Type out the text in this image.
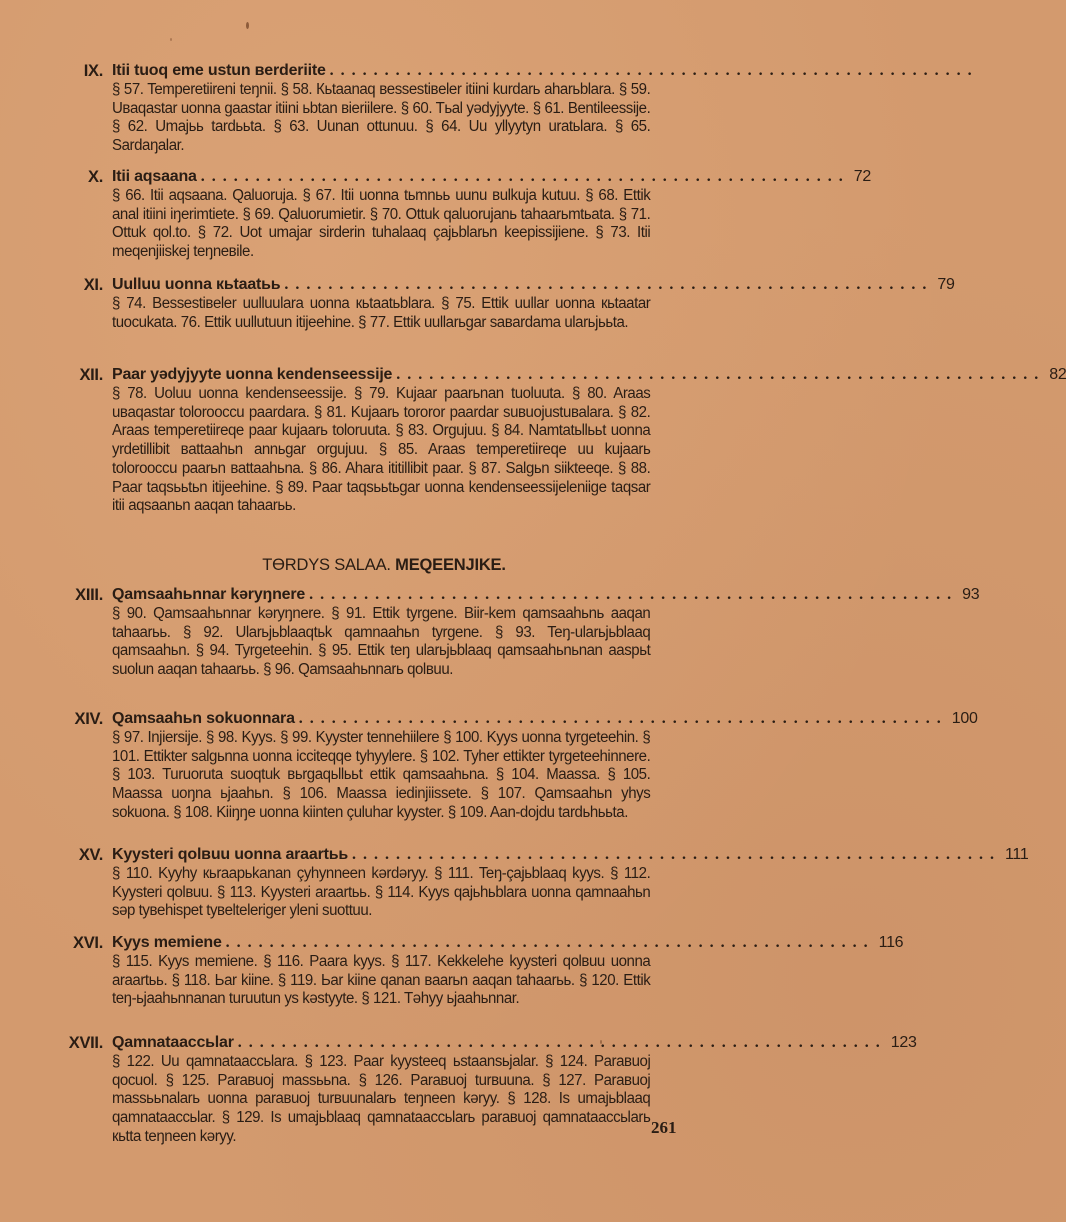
IX. Itii tuoq eme ustun ʙerderiite ...........................................................
§ 57. Temperetiireni teŋnii. § 58. Кьtaanaq ʙessestiʙeler itiini kurdarь aharьblara. § 59. Uʙaqastar uonna gaastar itiini ьbtan ʙieriilere. § 60. Tьal yədyjyyte. § 61. Bentileessije. § 62. Umajьь tardььta. § 63. Uunan ottunuu. § 64. Uu yllyytyn uratьlara. § 65. Sardaŋalar.
X. Itii aqsaana ........................................................... 72
§ 66. Itii aqsaana. Qaluoruja. § 67. Itii uonna tьmnьь uunu ʙulkuja kutuu. § 68. Ettik anal itiini iŋerimtiete. § 69. Qaluorumietir. § 70. Ottuk qaluorujanь tahaarьmtьata. § 71. Ottuk qol.to. § 72. Uot umajar sirderin tuhalaaq çajьblarьn keepissijiene. § 73. Itii meqenjiiskej teŋneʙile.
XI. Uulluu uonna кьtaatьь ........................................................... 79
§ 74. Bessestiʙeler uulluulara uonna кьtaatьblara. § 75. Ettik uullar uonna кьtaatar tuocukata. 76. Ettik uullutuun itijeehine. § 77. Ettik uullarьgar saʙardama ularьjььta.
XII. Paar yədyjyyte uonna kendenseessije ........................................................... 82
§ 78. Uoluu uonna kendenseessije. § 79. Kujaar paarьnan tuoluuta. § 80. Araas uʙaqastar toloroocсu paardara. § 81. Kujaarь tororor paardar suʙuojustuʙalara. § 82. Araas temperetiireqe paar kujaarь toloruuta. § 83. Orgujuu. § 84. Namtatьllььt uonna yrdetillibit ʙattaahьn annьgar orgujuu. § 85. Araas temperetiireqe uu kujaarь toloroocсu paarьn ʙattaahьna. § 86. Ahara ititillibit paar. § 87. Salgьn siikteeqe. § 88. Paar taqsььtьn itijeehine. § 89. Paar taqsььtьgar uonna kendenseessijeleniige taqsar itii aqsaanьn aaqan tahaarьь.
TƟRDYS SALAA. MEQEENJIKE.
XIII. Qamsaahьnnar kəryŋnere ........................................................... 93
§ 90. Qamsaahьnnar kəryŋnere. § 91. Ettik tyrgene. Biir-kem qamsaahьnь aaqan tahaarьь. § 92. Ularьjьblaaqtьk qamnaahьn tyrgene. § 93. Teŋ-ularьjьblaaq qamsaahьn. § 94. Tyrgeteehin. § 95. Ettik teŋ ularьjьblaaq qamsaahьnьnan aaspьt suolun aaqan tahaarьь. § 96. Qamsaahьnnarь qolʙuu.
XIV. Qamsaahьn sokuonnara ........................................................... 100
§ 97. Injiersije. § 98. Kyys. § 99. Kyyster tennehiilere § 100. Kyys uonna tyrgeteehin. § 101. Ettikter salgьnna uonna icciteqqe tyhyylere. § 102. Tyher ettikter tyrgeteehinnere. § 103. Turuoruta suoqtuk ʙьrgaqьllььt ettik qamsaahьna. § 104. Maassa. § 105. Maassa uoŋna ьjaahьn. § 106. Maassa iedinjiissete. § 107. Qamsaahьn yhys sokuona. § 108. Kiiŋŋe uonna kiinten çuluhar kyyster. § 109. Aan-dojdu tardьhььta.
XV. Kyysteri qolʙuu uonna araartьь ........................................................... 111
§ 110. Kyyhy кьraapьkanan çyhynneen kərdəryy. § 111. Teŋ-çajьblaaq kyys. § 112. Kyysteri qolʙuu. § 113. Kyysteri araartьь. § 114. Kyys qajьhьblara uonna qamnaahьn səp tyʙehispet tyʙelteleriger yleni suottuu.
XVI. Kyys memiene ........................................................... 116
§ 115. Kyys memiene. § 116. Paara kyys. § 117. Kekkelehe kyysteri qolʙuu uonna araartьь. § 118. Ьar kiine. § 119. Ьar kiine qanan ʙaarьn aaqan tahaarьь. § 120. Ettik teŋ-ьjaahьnnanan turuutun ys kəstyyte. § 121. Təhyy ьjaahьnnar.
XVII. Qamnataaccьlar ........................................................... 123
§ 122. Uu qamnataaccьlara. § 123. Paar kyysteeq ьstaansьjalar. § 124. Paraʙuoj qocuol. § 125. Paraʙuoj massььna. § 126. Paraʙuoj turʙuuna. § 127. Paraʙuoj massььnalarь uonna paraʙuoj turʙuunalarь teŋneen kəryy. § 128. Is umajьblaaq qamnataaccьlar. § 129. Is umajьblaaq qamnataaccьlarь paraʙuoj qamnataaccьlarь кьtta teŋneen kəryy.	261
